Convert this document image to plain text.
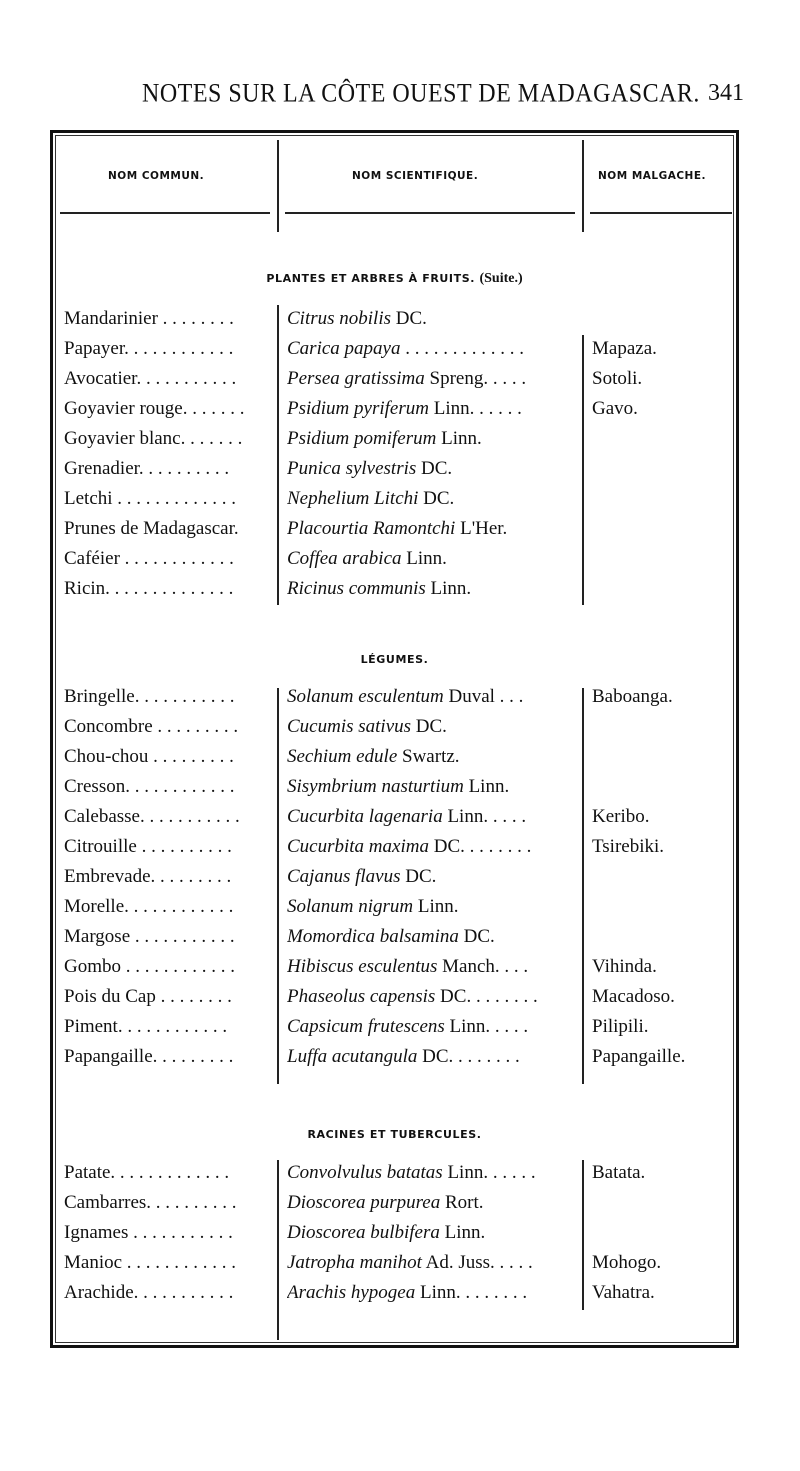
NOTES SUR LA CÔTE OUEST DE MADAGASCAR. 341
NOM COMMUN.	NOM SCIENTIFIQUE.	NOM MALGACHE.
PLANTES ET ARBRES À FRUITS. (Suite.)
Mandarinier . . . . . . . .	Citrus nobilis DC.
Papayer. . . . . . . . . . . .	Carica papaya . . . . . . . . . . . . .	Mapaza.
Avocatier. . . . . . . . . . .	Persea gratissima Spreng. . . . .	Sotoli.
Goyavier rouge. . . . . . .	Psidium pyriferum Linn. . . . . .	Gavo.
Goyavier blanc. . . . . . .	Psidium pomiferum Linn.
Grenadier. . . . . . . . . .	Punica sylvestris DC.
Letchi . . . . . . . . . . . . .	Nephelium Litchi DC.
Prunes de Madagascar.	Placourtia Ramontchi L'Her.
Caféier . . . . . . . . . . . .	Coffea arabica Linn.
Ricin. . . . . . . . . . . . . .	Ricinus communis Linn.
LÉGUMES.
Bringelle. . . . . . . . . . .	Solanum esculentum Duval . . .	Baboanga.
Concombre . . . . . . . . .	Cucumis sativus DC.
Chou-chou . . . . . . . . .	Sechium edule Swartz.
Cresson. . . . . . . . . . . .	Sisymbrium nasturtium Linn.
Calebasse. . . . . . . . . . .	Cucurbita lagenaria Linn. . . . .	Keribo.
Citrouille . . . . . . . . . .	Cucurbita maxima DC. . . . . . . .	Tsirebiki.
Embrevade. . . . . . . . .	Cajanus flavus DC.
Morelle. . . . . . . . . . . .	Solanum nigrum Linn.
Margose . . . . . . . . . . .	Momordica balsamina DC.
Gombo . . . . . . . . . . . .	Hibiscus esculentus Manch. . . .	Vihinda.
Pois du Cap . . . . . . . .	Phaseolus capensis DC. . . . . . . .	Macadoso.
Piment. . . . . . . . . . . .	Capsicum frutescens Linn. . . . .	Pilipili.
Papangaille. . . . . . . . .	Luffa acutangula DC. . . . . . . .	Papangaille.
RACINES ET TUBERCULES.
Patate. . . . . . . . . . . . .	Convolvulus batatas Linn. . . . . .	Batata.
Cambarres. . . . . . . . . .	Dioscorea purpurea Rort.
Ignames . . . . . . . . . . .	Dioscorea bulbifera Linn.
Manioc . . . . . . . . . . . .	Jatropha manihot Ad. Juss. . . . .	Mohogo.
Arachide. . . . . . . . . . .	Arachis hypogea Linn. . . . . . . .	Vahatra.
